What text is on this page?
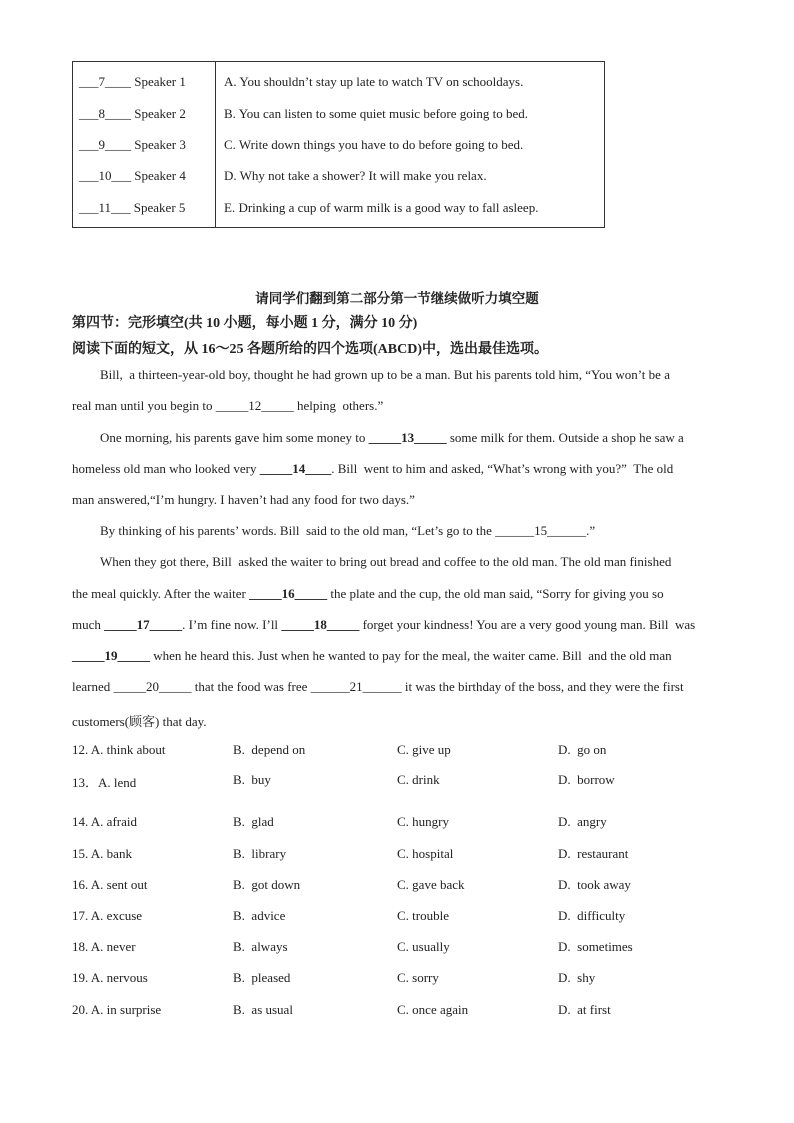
___7____ Speaker 1	A. You shouldn’t stay up late to watch TV on schooldays.
___8____ Speaker 2	B. You can listen to some quiet music before going to bed.
___9____ Speaker 3	C. Write down things you have to do before going to bed.
___10___ Speaker 4	D. Why not take a shower? It will make you relax.
___11___ Speaker 5	E. Drinking a cup of warm milk is a good way to fall asleep.
请同学们翻到第二部分第一节继续做听力填空题
第四节：完形填空(共 10 小题，每小题 1 分，满分 10 分)
阅读下面的短文，从 16～25 各题所给的四个选项(ABCD)中，选出最佳选项。
Bill,  a thirteen-year-old boy, thought he had grown up to be a man. But his parents told him, “You won’t be a
real man until you begin to _____12_____ helping  others.”
One morning, his parents gave him some money to _____13_____ some milk for them. Outside a shop he saw a
homeless old man who looked very _____14____. Bill  went to him and asked, “What’s wrong with you?”  The old
man answered,“I’m hungry. I haven’t had any food for two days.”
By thinking of his parents’ words. Bill  said to the old man, “Let’s go to the ______15______.”
When they got there, Bill  asked the waiter to bring out bread and coffee to the old man. The old man finished
the meal quickly. After the waiter _____16_____ the plate and the cup, the old man said, “Sorry for giving you so
much _____17_____. I’m fine now. I’ll _____18_____ forget your kindness! You are a very good young man. Bill  was
_____19_____ when he heard this. Just when he wanted to pay for the meal, the waiter came. Bill  and the old man
learned _____20_____ that the food was free ______21______ it was the birthday of the boss, and they were the first
customers(顾客) that day.
12. A. think about	B.  depend on	C. give up	D.  go on
13．A. lend	B.  buy	C. drink	D.  borrow
14. A. afraid	B.  glad	C. hungry	D.  angry
15. A. bank	B.  library	C. hospital	D.  restaurant
16. A. sent out	B.  got down	C. gave back	D.  took away
17. A. excuse	B.  advice	C. trouble	D.  difficulty
18. A. never	B.  always	C. usually	D.  sometimes
19. A. nervous	B.  pleased	C. sorry	D.  shy
20. A. in surprise	B.  as usual	C. once again	D.  at first
